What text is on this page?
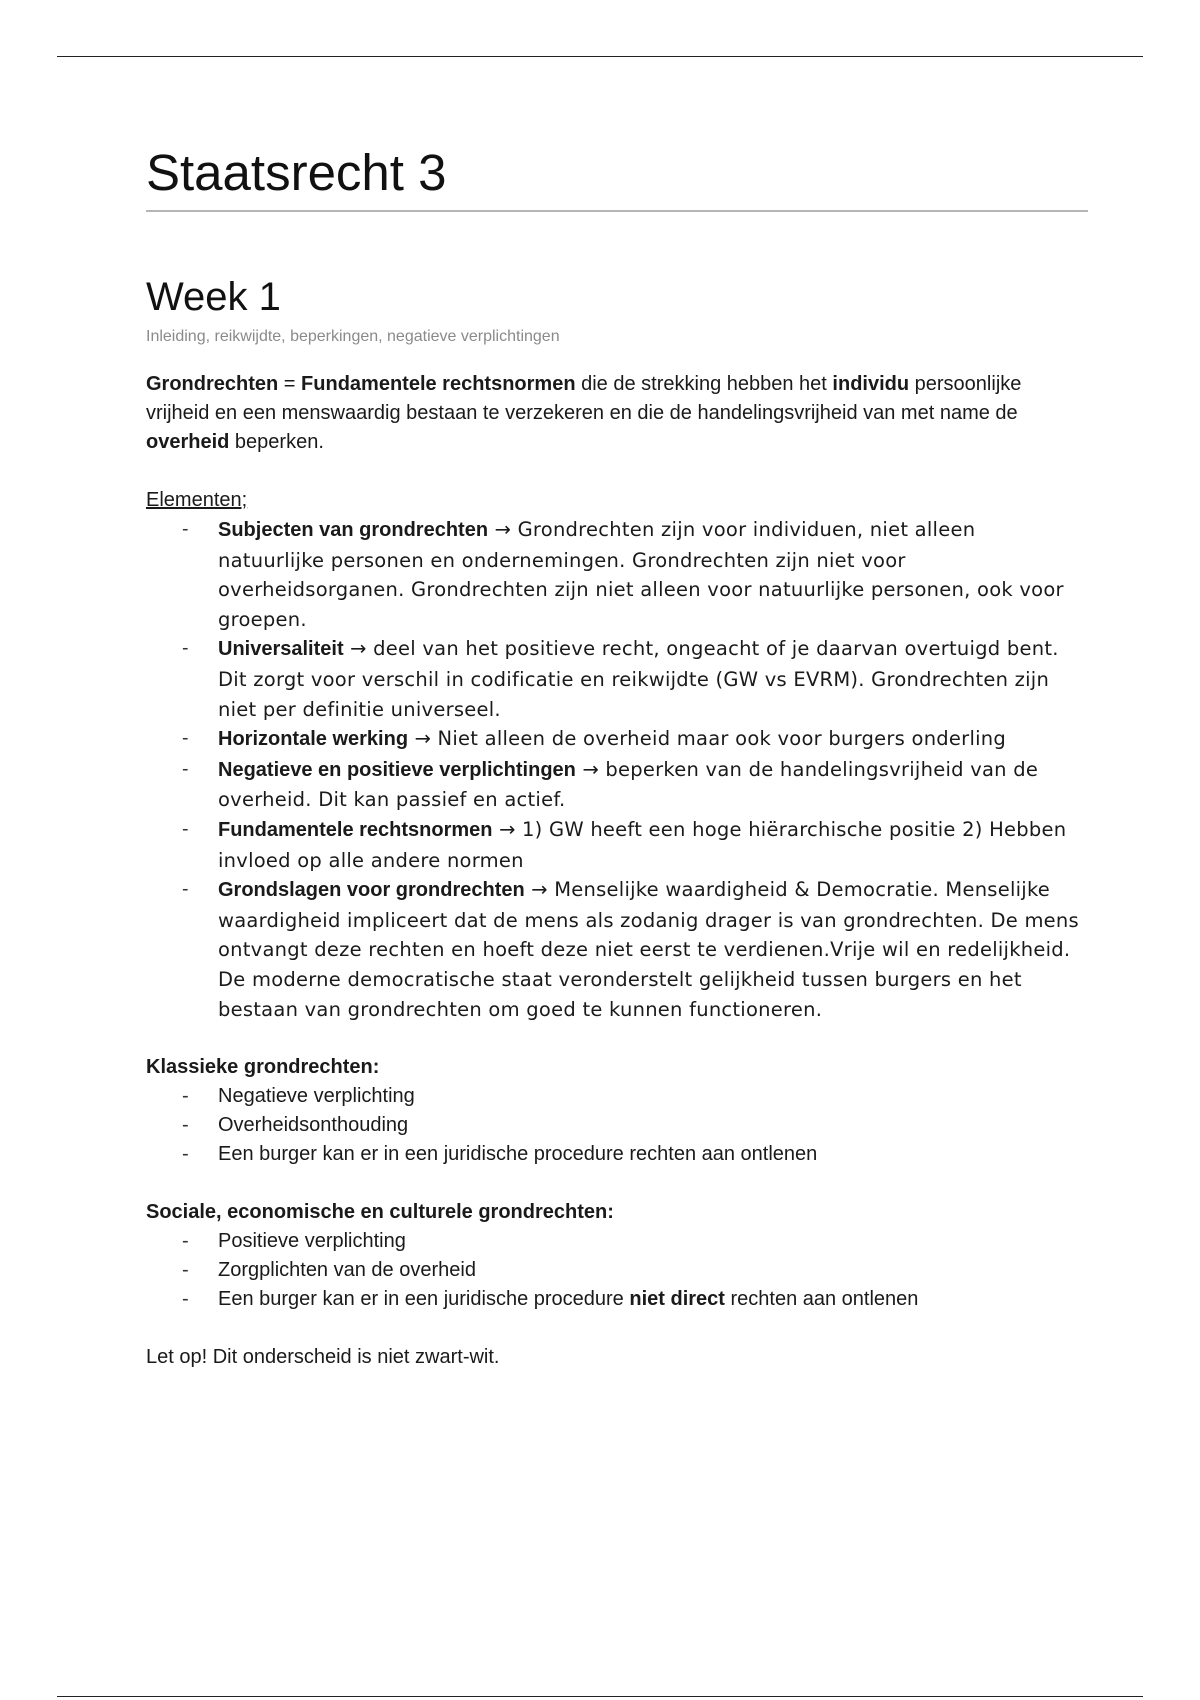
Staatsrecht 3
Week 1

Inleiding, reikwijdte, beperkingen, negatieve verplichtingen

Grondrechten = Fundamentele rechtsnormen die de strekking hebben het individu persoonlijke vrijheid en een menswaardig bestaan te verzekeren en die de handelingsvrijheid van met name de overheid beperken.

Elementen;

- Subjecten van grondrechten → Grondrechten zijn voor individuen, niet alleen natuurlijke personen en ondernemingen. Grondrechten zijn niet voor overheidsorganen. Grondrechten zijn niet alleen voor natuurlijke personen, ook voor groepen.
- Universaliteit → deel van het positieve recht, ongeacht of je daarvan overtuigd bent. Dit zorgt voor verschil in codificatie en reikwijdte (GW vs EVRM). Grondrechten zijn niet per definitie universeel.
- Horizontale werking → Niet alleen de overheid maar ook voor burgers onderling
- Negatieve en positieve verplichtingen → beperken van de handelingsvrijheid van de overheid. Dit kan passief en actief.
- Fundamentele rechtsnormen → 1) GW heeft een hoge hiërarchische positie 2) Hebben invloed op alle andere normen
- Grondslagen voor grondrechten → Menselijke waardigheid & Democratie. Menselijke waardigheid impliceert dat de mens als zodanig drager is van grondrechten. De mens ontvangt deze rechten en hoeft deze niet eerst te verdienen.Vrije wil en redelijkheid. De moderne democratische staat veronderstelt gelijkheid tussen burgers en het bestaan van grondrechten om goed te kunnen functioneren.

Klassieke grondrechten:

- Negatieve verplichting
- Overheidsonthouding
- Een burger kan er in een juridische procedure rechten aan ontlenen

Sociale, economische en culturele grondrechten:

- Positieve verplichting
- Zorgplichten van de overheid
- Een burger kan er in een juridische procedure niet direct rechten aan ontlenen

Let op! Dit onderscheid is niet zwart-wit.
